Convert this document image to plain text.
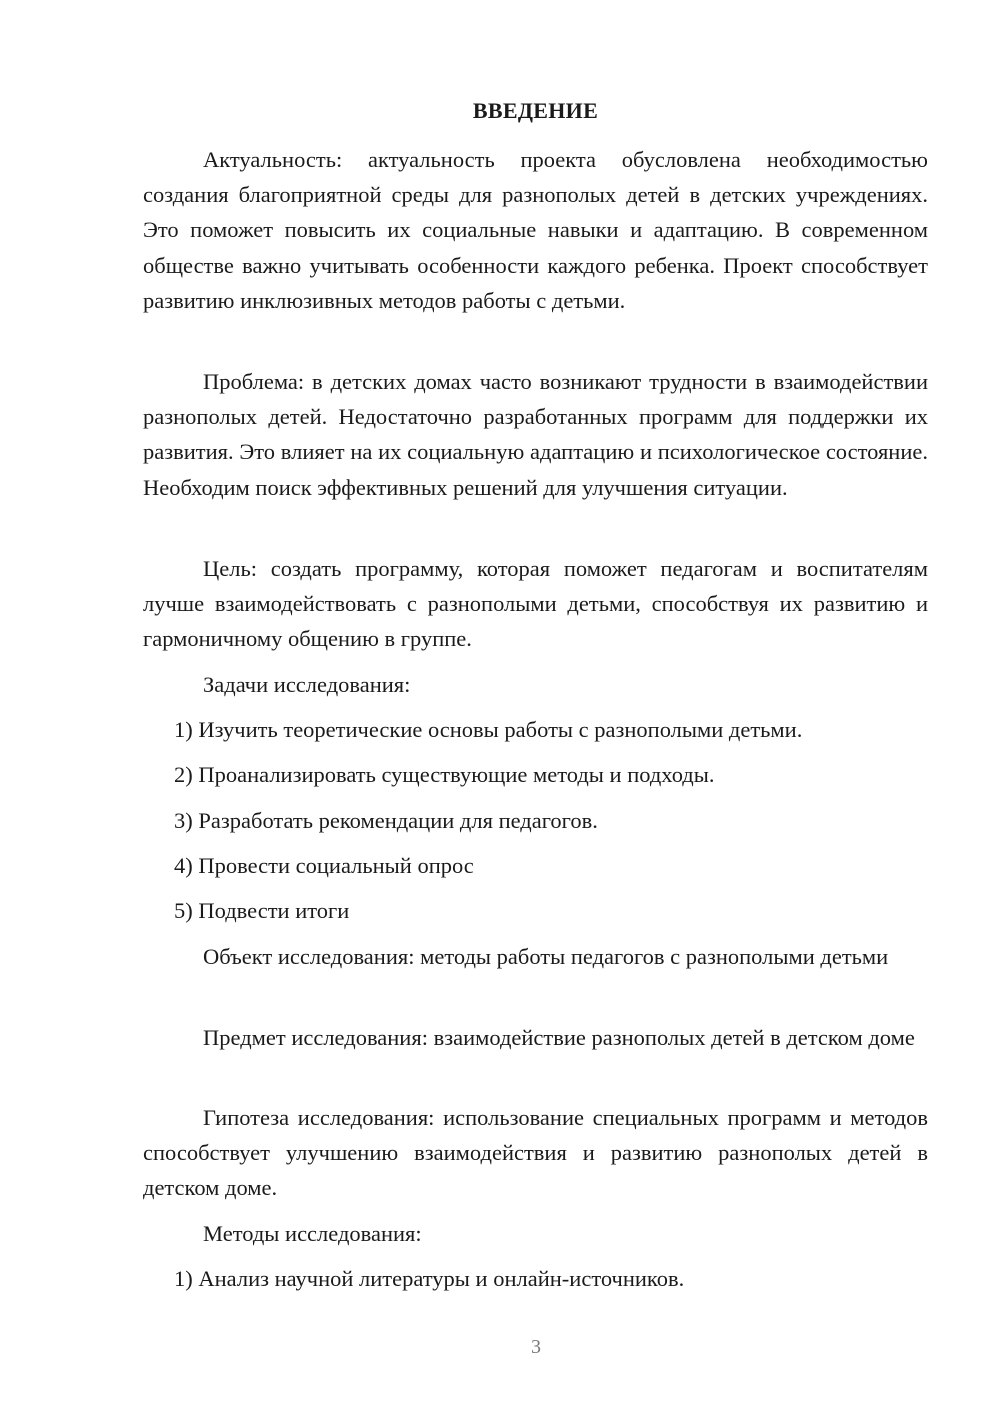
ВВЕДЕНИЕ

Актуальность: актуальность проекта обусловлена необходимостью создания благоприятной среды для разнополых детей в детских учреждениях. Это поможет повысить их социальные навыки и адаптацию. В современном обществе важно учитывать особенности каждого ребенка. Проект способствует развитию инклюзивных методов работы с детьми.

Проблема: в детских домах часто возникают трудности в взаимодействии разнополых детей. Недостаточно разработанных программ для поддержки их развития. Это влияет на их социальную адаптацию и психологическое состояние. Необходим поиск эффективных решений для улучшения ситуации.

Цель: создать программу, которая поможет педагогам и воспитателям лучше взаимодействовать с разнополыми детьми, способствуя их развитию и гармоничному общению в группе.

Задачи исследования:
1) Изучить теоретические основы работы с разнополыми детьми.
2) Проанализировать существующие методы и подходы.
3) Разработать рекомендации для педагогов.
4) Провести социальный опрос
5) Подвести итоги

Объект исследования: методы работы педагогов с разнополыми детьми

Предмет исследования: взаимодействие разнополых детей в детском доме

Гипотеза исследования: использование специальных программ и методов способствует улучшению взаимодействия и развитию разнополых детей в детском доме.

Методы исследования:
1) Анализ научной литературы и онлайн-источников.
3
